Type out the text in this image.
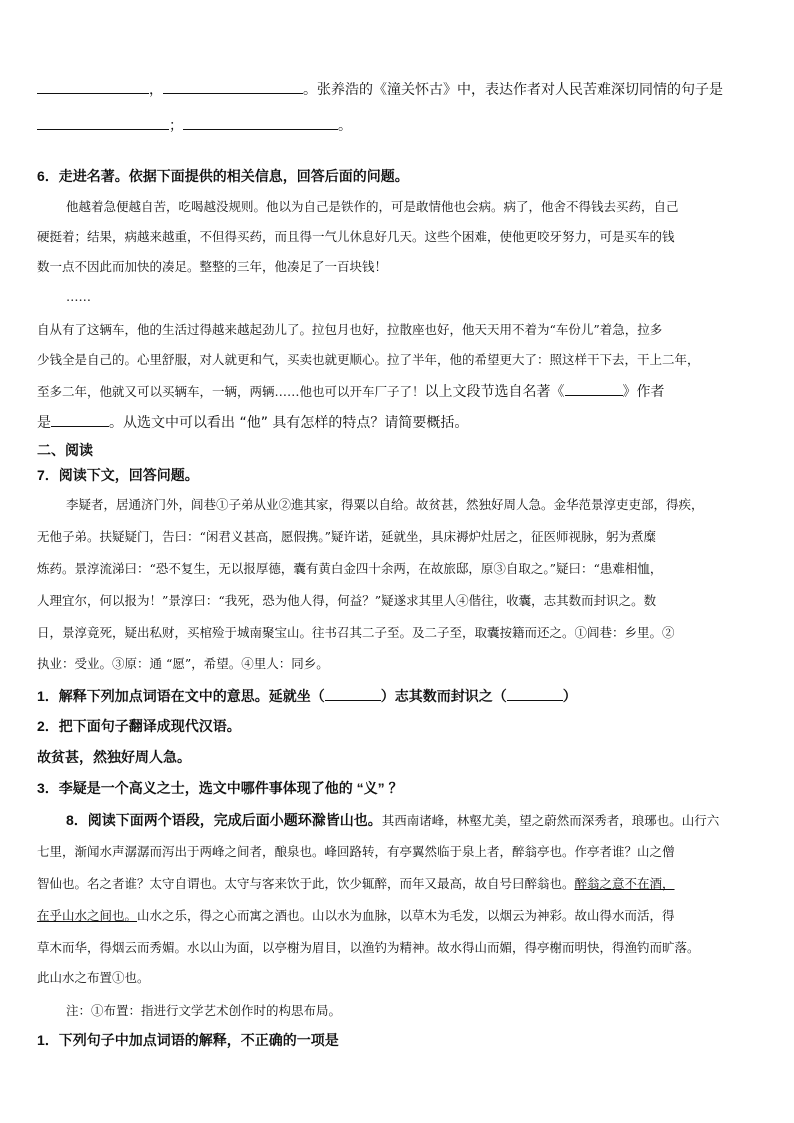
，	。张养浩的《潼关怀古》中，表达作者对人民苦难深切同情的句子是
；	。
6．走进名著。依据下面提供的相关信息，回答后面的问题。
他越着急便越自苦，吃喝越没规则。他以为自己是铁作的，可是敢情他也会病。病了，他舍不得钱去买药，自己
硬挺着；结果，病越来越重，不但得买药，而且得一气儿休息好几天。这些个困难，使他更咬牙努力，可是买车的钱
数一点不因此而加快的凑足。整整的三年，他凑足了一百块钱！
……
自从有了这辆车，他的生活过得越来越起劲儿了。拉包月也好，拉散座也好，他天天用不着为“车份儿”着急，拉多
少钱全是自己的。心里舒服，对人就更和气，买卖也就更顺心。拉了半年，他的希望更大了：照这样干下去，干上二年，
至多二年，他就又可以买辆车，一辆，两辆……他也可以开车厂子了！以上文段节选自名著《	》作者
是	。从选文中可以看出 “他” 具有怎样的特点？请简要概括。
二、阅读
7．阅读下文，回答问题。
李疑者，居通济门外，闾巷①子弟从业②進其家，得粟以自给。故贫甚，然独好周人急。金华范景淳吏吏部，得疾，
无他子弟。扶疑疑门，告曰：“闲君义甚高，愿假携。”疑许诺，延就坐，具床褥炉灶居之，征医师视脉，躬为煮糜
炼药。景淳流涕曰：“恐不复生，无以报厚德，囊有黄白金四十余两，在故旅邸，原③自取之。”疑曰：“患难相恤，
人理宜尔，何以报为！”景淳曰：“我死，恐为他人得，何益？”疑遂求其里人④偕往，收囊，志其数而封识之。数
日，景淳竟死，疑出私财，买棺殓于城南聚宝山。往书召其二子至。及二子至，取囊按籍而还之。①闾巷：乡里。②
执业：受业。③原：通 “愿”，希望。④里人：同乡。
1．解释下列加点词语在文中的意思。延就坐（	）志其数而封识之（	）
2．把下面句子翻译成现代汉语。
故贫甚，然独好周人急。
3．李疑是一个高义之士，选文中哪件事体现了他的 “义” ？
8．阅读下面两个语段，完成后面小题环滁皆山也。其西南诸峰，林壑尤美，望之蔚然而深秀者，琅琊也。山行六
七里，渐闻水声潺潺而泻出于两峰之间者，酿泉也。峰回路转，有亭翼然临于泉上者，醉翁亭也。作亭者谁？山之僧
智仙也。名之者谁？太守自谓也。太守与客来饮于此，饮少辄醉，而年又最高，故自号曰醉翁也。醉翁之意不在酒，
在乎山水之间也。山水之乐，得之心而寓之酒也。山以水为血脉，以草木为毛发，以烟云为神彩。故山得水而活，得
草木而华，得烟云而秀媚。水以山为面，以亭榭为眉目，以渔钓为精神。故水得山而媚，得亭榭而明快，得渔钓而旷落。
此山水之布置①也。
注：①布置：指进行文学艺术创作时的构思布局。
1．下列句子中加点词语的解释，不正确的一项是
